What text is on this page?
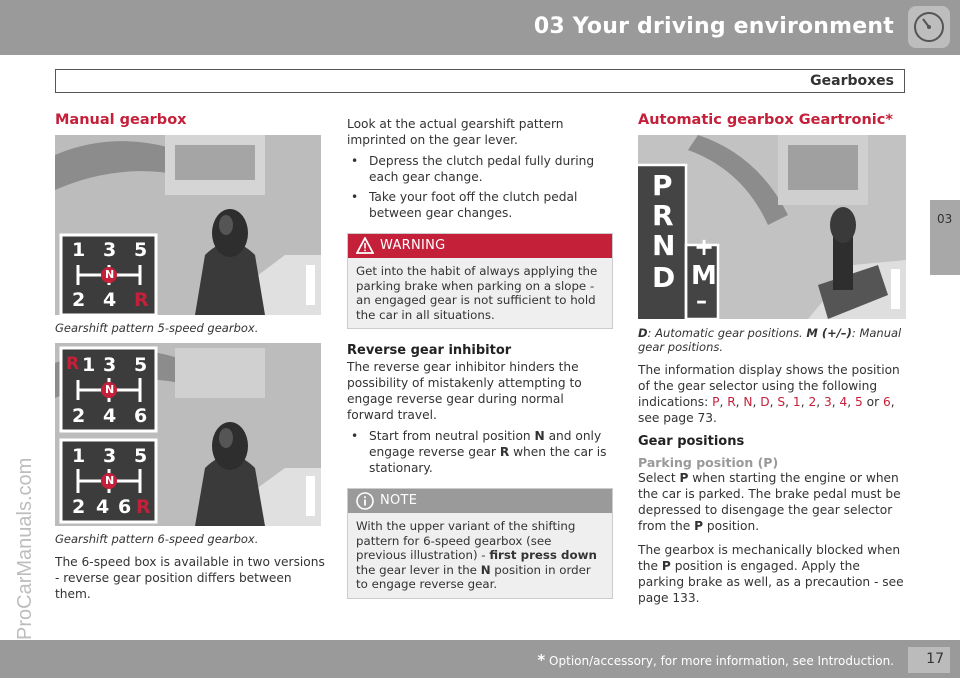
03 Your driving environment
Gearboxes
03
ProCarManuals.com
Manual gearbox
1 3 5
N
2 4 R
Gearshift pattern 5-speed gearbox.
R 1 3 5
N
2 4 6
1 3 5
N
2 4 6 R
Gearshift pattern 6-speed gearbox.

The 6-speed box is available in two versions - reverse gear position differs between them.

Look at the actual gearshift pattern imprinted on the gear lever.

• Depress the clutch pedal fully during each gear change.
• Take your foot off the clutch pedal between gear changes.
WARNING
Get into the habit of always applying the parking brake when parking on a slope - an engaged gear is not sufficient to hold the car in all situations.
Reverse gear inhibitor

The reverse gear inhibitor hinders the possibility of mistakenly attempting to engage reverse gear during normal forward travel.

• Start from neutral position N and only engage reverse gear R when the car is stationary.
NOTE
With the upper variant of the shifting pattern for 6-speed gearbox (see previous illustration) - first press down the gear lever in the N position in order to engage reverse gear.
Automatic gearbox Geartronic*
P
R
N
D
+
M
–
D: Automatic gear positions. M (+/–): Manual gear positions.

The information display shows the position of the gear selector using the following indications: P, R, N, D, S, 1, 2, 3, 4, 5 or 6, see page 73.

Gear positions
Parking position (P)

Select P when starting the engine or when the car is parked. The brake pedal must be depressed to disengage the gear selector from the P position.

The gearbox is mechanically blocked when the P position is engaged. Apply the parking brake as well, as a precaution - see page 133.

* Option/accessory, for more information, see Introduction.	17
